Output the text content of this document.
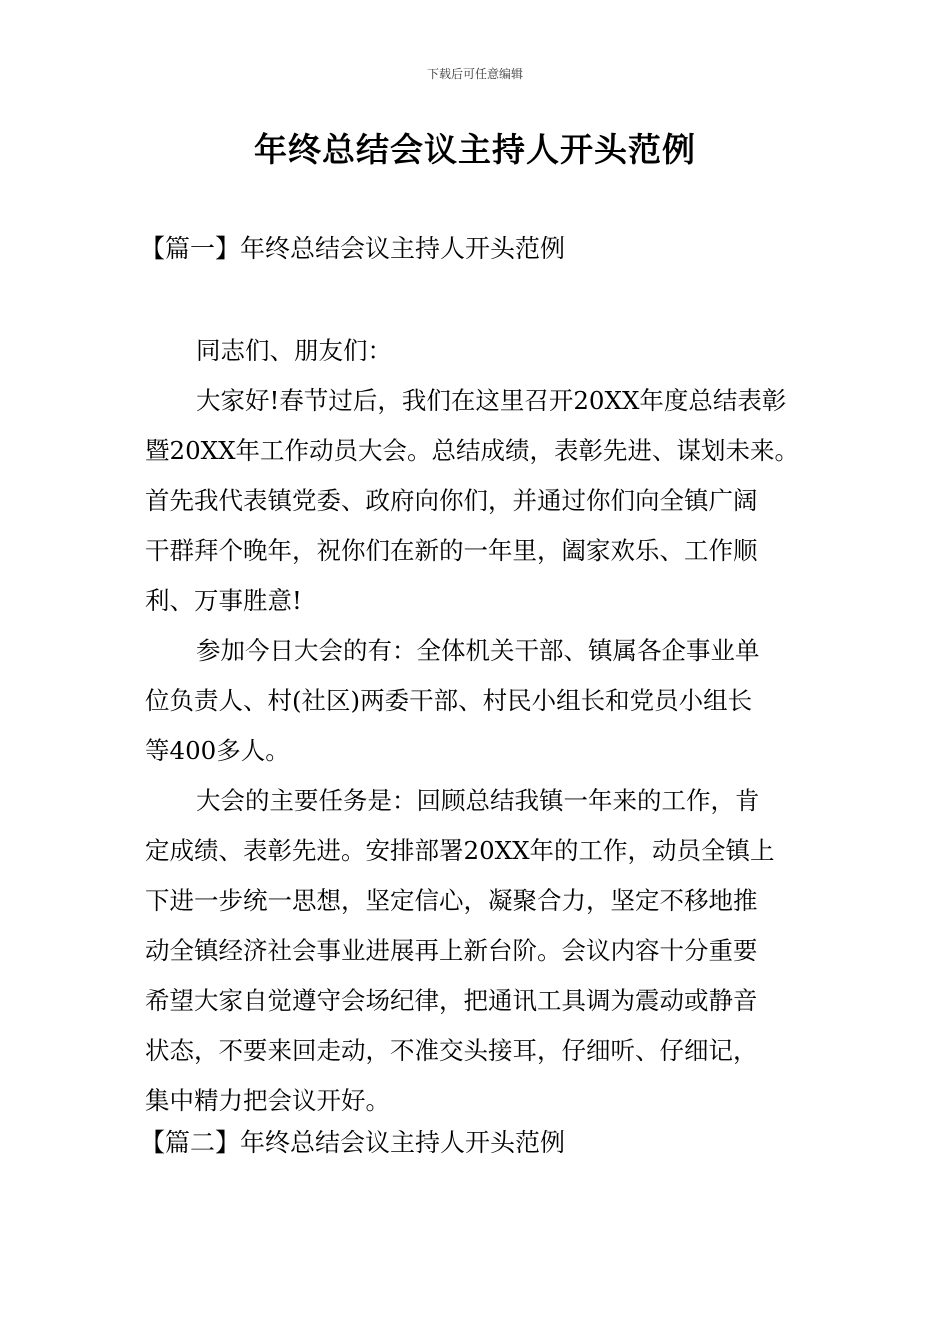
下载后可任意编辑
年终总结会议主持人开头范例
【篇一】年终总结会议主持人开头范例
同志们、朋友们：
大家好!春节过后，我们在这里召开20XX年度总结表彰
暨20XX年工作动员大会。总结成绩，表彰先进、谋划未来。
首先我代表镇党委、政府向你们，并通过你们向全镇广阔
干群拜个晚年，祝你们在新的一年里，阖家欢乐、工作顺
利、万事胜意!
参加今日大会的有：全体机关干部、镇属各企事业单
位负责人、村(社区)两委干部、村民小组长和党员小组长
等400多人。
大会的主要任务是：回顾总结我镇一年来的工作，肯
定成绩、表彰先进。安排部署20XX年的工作，动员全镇上
下进一步统一思想，坚定信心，凝聚合力，坚定不移地推
动全镇经济社会事业进展再上新台阶。会议内容十分重要
希望大家自觉遵守会场纪律，把通讯工具调为震动或静音
状态，不要来回走动，不准交头接耳，仔细听、仔细记，
集中精力把会议开好。
【篇二】年终总结会议主持人开头范例
